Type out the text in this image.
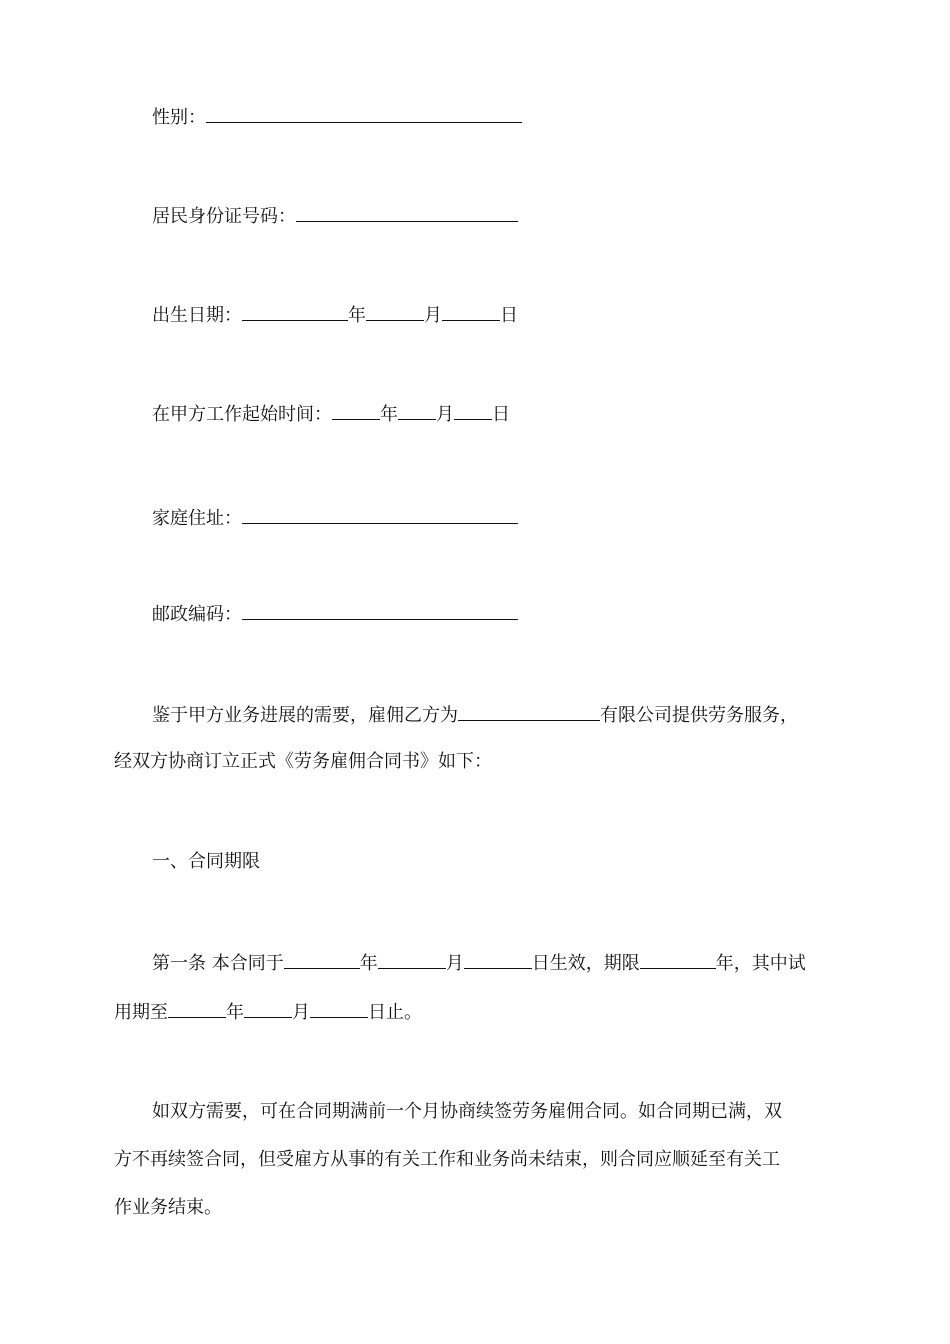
性别：
居民身份证号码：
出生日期：	年	月	日
在甲方工作起始时间：	年 月 日
家庭住址：
邮政编码：
鉴于甲方业务进展的需要，雇佣乙方为	有限公司提供劳务服务，
经双方协商订立正式《劳务雇佣合同书》如下：
一、合同期限
第一条 本合同于	年	月	日生效，期限	年，其中试
用期至	年	月	日止。
如双方需要，可在合同期满前一个月协商续签劳务雇佣合同。如合同期已满，双
方不再续签合同，但受雇方从事的有关工作和业务尚未结束，则合同应顺延至有关工
作业务结束。
